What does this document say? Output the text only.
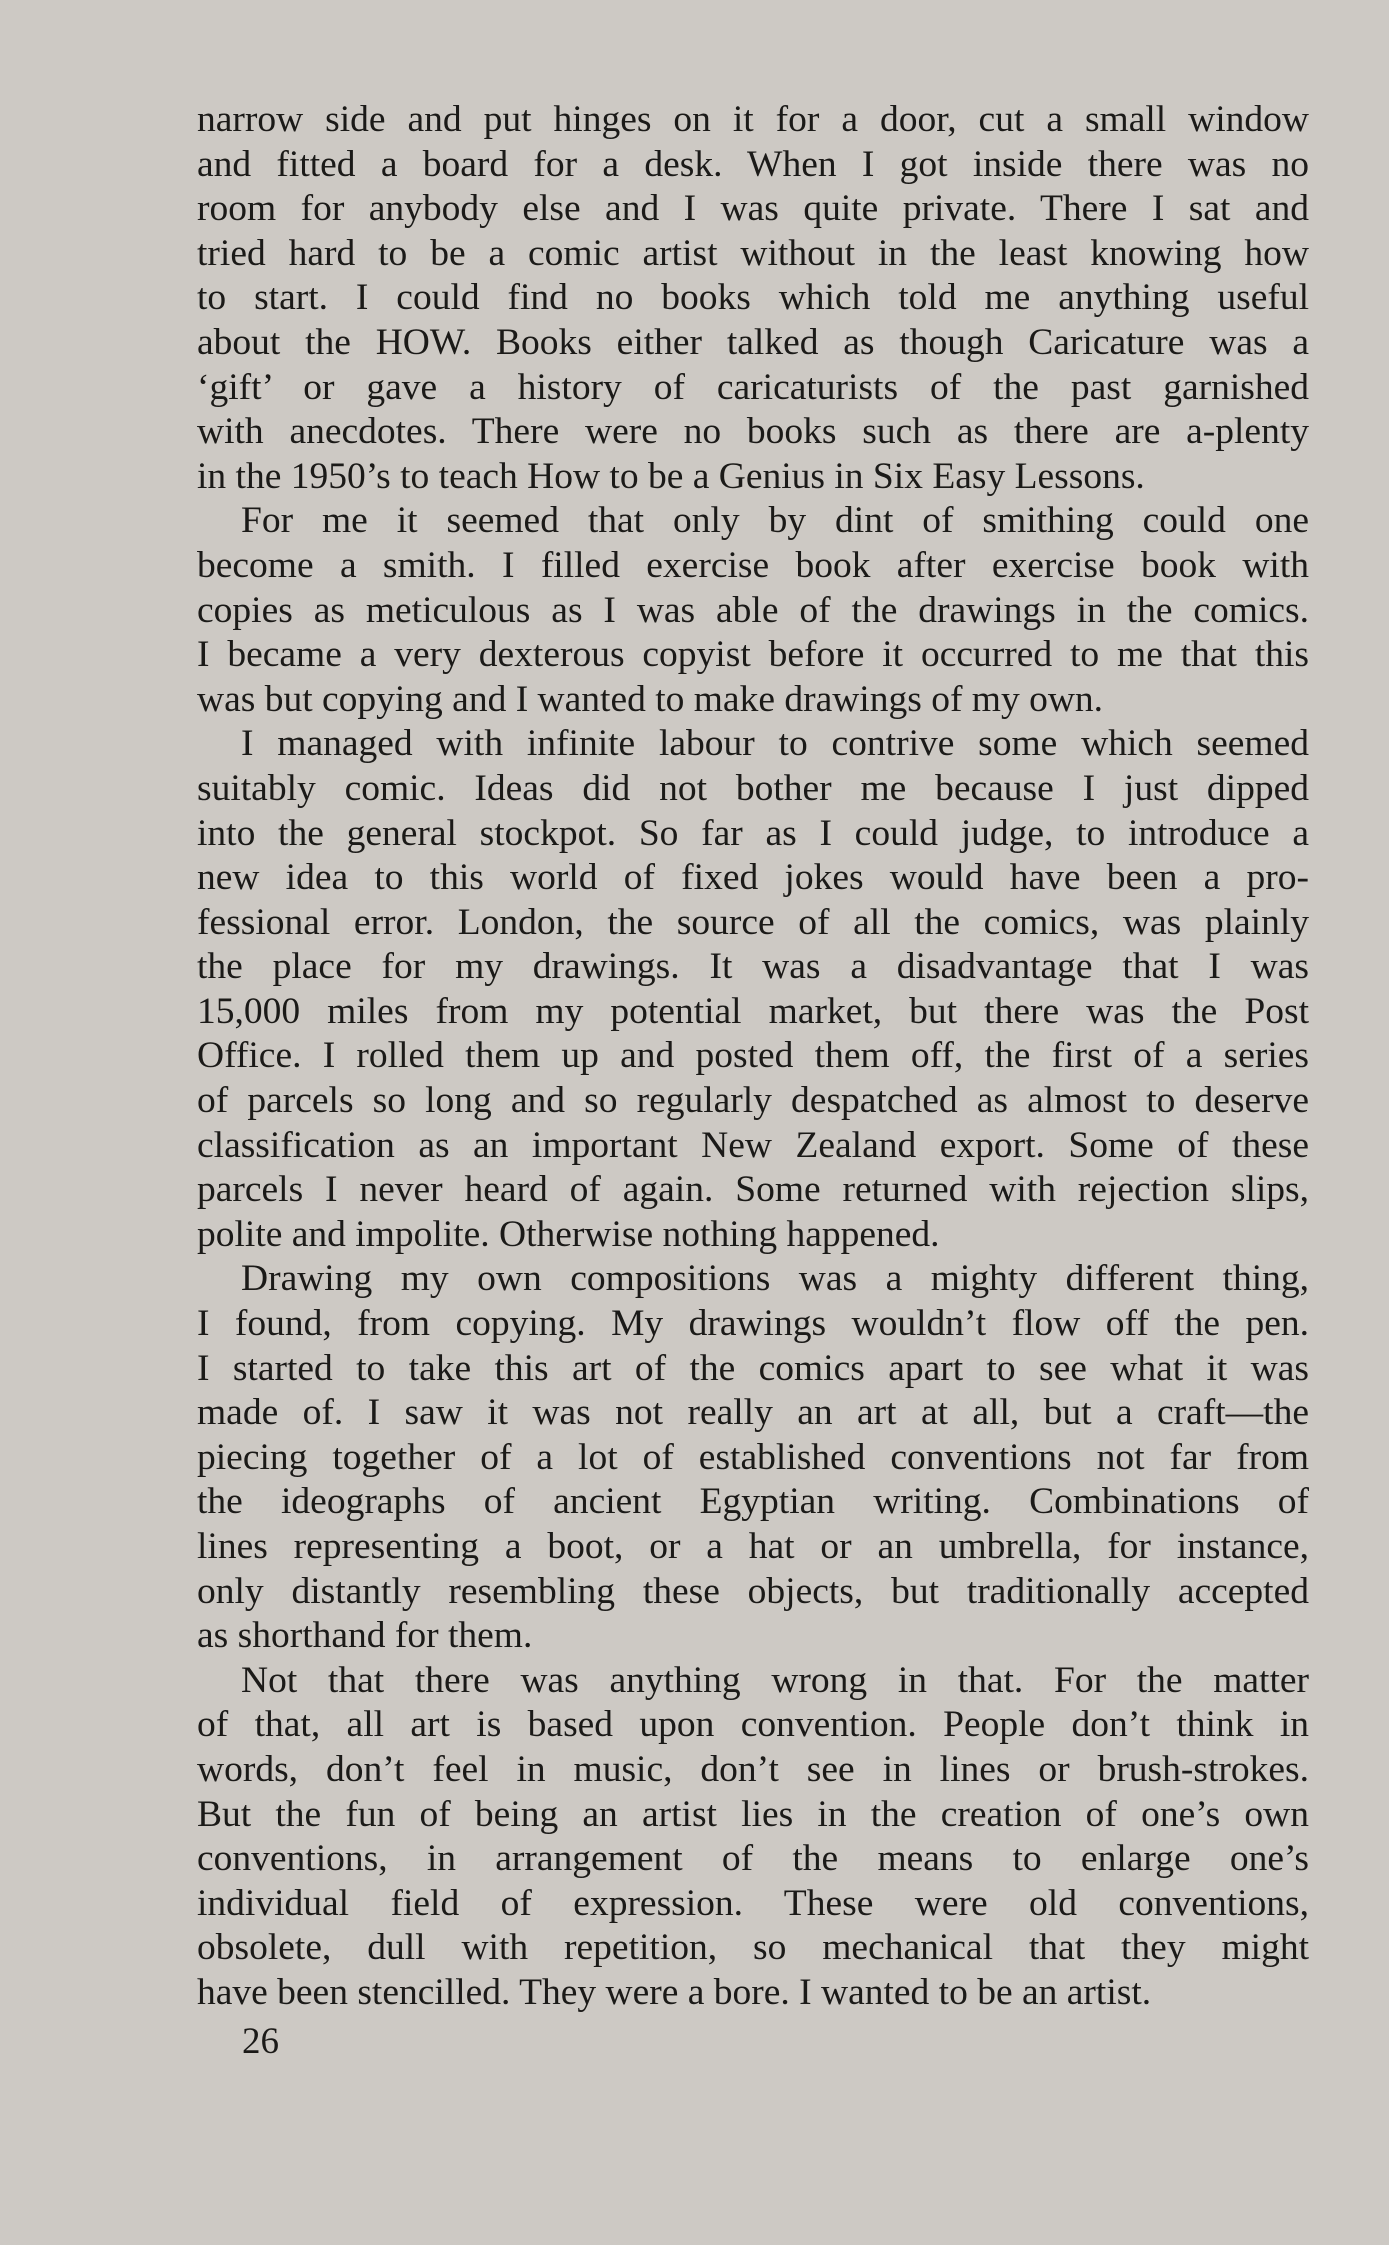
narrow side and put hinges on it for a door, cut a small window
and fitted a board for a desk. When I got inside there was no
room for anybody else and I was quite private. There I sat and
tried hard to be a comic artist without in the least knowing how
to start. I could find no books which told me anything useful
about the HOW. Books either talked as though Caricature was a
‘gift’ or gave a history of caricaturists of the past garnished
with anecdotes. There were no books such as there are a-plenty
in the 1950’s to teach How to be a Genius in Six Easy Lessons.
For me it seemed that only by dint of smithing could one
become a smith. I filled exercise book after exercise book with
copies as meticulous as I was able of the drawings in the comics.
I became a very dexterous copyist before it occurred to me that this
was but copying and I wanted to make drawings of my own.
I managed with infinite labour to contrive some which seemed
suitably comic. Ideas did not bother me because I just dipped
into the general stockpot. So far as I could judge, to introduce a
new idea to this world of fixed jokes would have been a pro-
fessional error. London, the source of all the comics, was plainly
the place for my drawings. It was a disadvantage that I was
15,000 miles from my potential market, but there was the Post
Office. I rolled them up and posted them off, the first of a series
of parcels so long and so regularly despatched as almost to deserve
classification as an important New Zealand export. Some of these
parcels I never heard of again. Some returned with rejection slips,
polite and impolite. Otherwise nothing happened.
Drawing my own compositions was a mighty different thing,
I found, from copying. My drawings wouldn’t flow off the pen.
I started to take this art of the comics apart to see what it was
made of. I saw it was not really an art at all, but a craft—the
piecing together of a lot of established conventions not far from
the ideographs of ancient Egyptian writing. Combinations of
lines representing a boot, or a hat or an umbrella, for instance,
only distantly resembling these objects, but traditionally accepted
as shorthand for them.
Not that there was anything wrong in that. For the matter
of that, all art is based upon convention. People don’t think in
words, don’t feel in music, don’t see in lines or brush-strokes.
But the fun of being an artist lies in the creation of one’s own
conventions, in arrangement of the means to enlarge one’s
individual field of expression. These were old conventions,
obsolete, dull with repetition, so mechanical that they might
have been stencilled. They were a bore. I wanted to be an artist.
26
